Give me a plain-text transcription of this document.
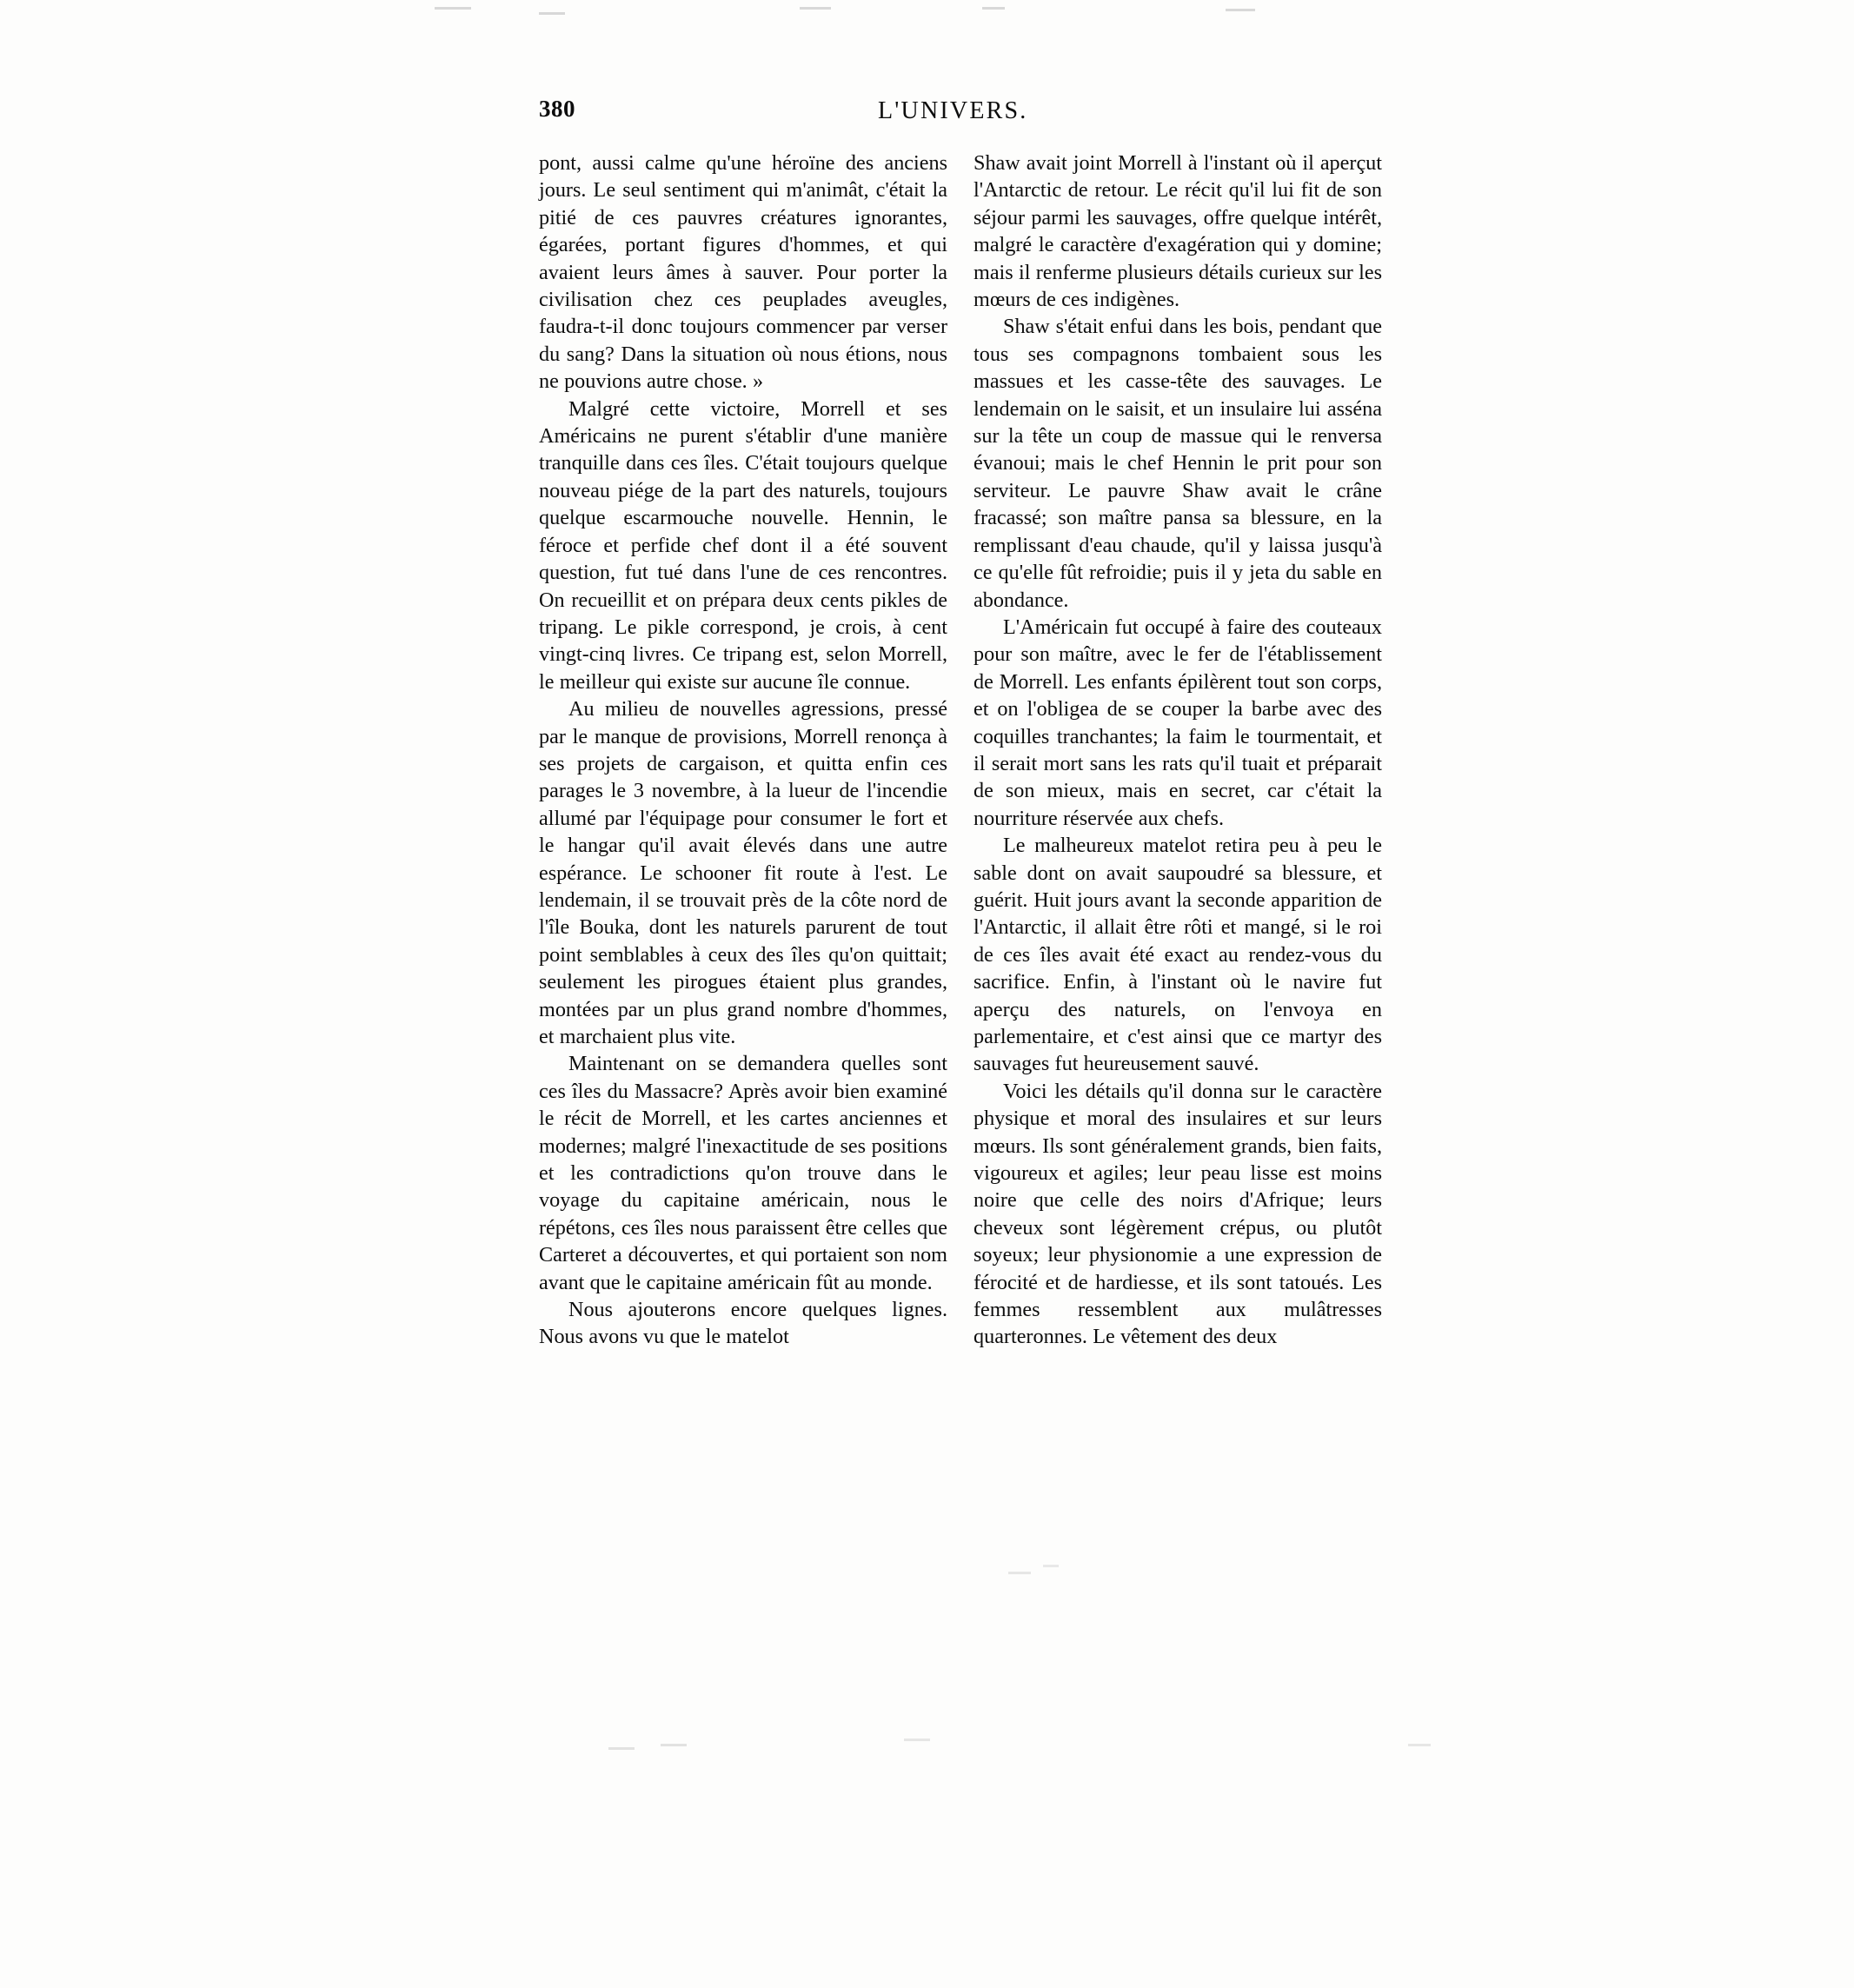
380	L'UNIVERS.

pont, aussi calme qu'une héroïne des anciens jours. Le seul sentiment qui m'animât, c'était la pitié de ces pauvres créatures ignorantes, égarées, portant figures d'hommes, et qui avaient leurs âmes à sauver. Pour porter la civilisation chez ces peuplades aveugles, faudra-t-il donc toujours commencer par verser du sang? Dans la situation où nous étions, nous ne pouvions autre chose. »

Malgré cette victoire, Morrell et ses Américains ne purent s'établir d'une manière tranquille dans ces îles. C'était toujours quelque nouveau piége de la part des naturels, toujours quelque escarmouche nouvelle. Hennin, le féroce et perfide chef dont il a été souvent question, fut tué dans l'une de ces rencontres. On recueillit et on prépara deux cents pikles de tripang. Le pikle correspond, je crois, à cent vingt-cinq livres. Ce tripang est, selon Morrell, le meilleur qui existe sur aucune île connue.

Au milieu de nouvelles agressions, pressé par le manque de provisions, Morrell renonça à ses projets de cargaison, et quitta enfin ces parages le 3 novembre, à la lueur de l'incendie allumé par l'équipage pour consumer le fort et le hangar qu'il avait élevés dans une autre espérance. Le schooner fit route à l'est. Le lendemain, il se trouvait près de la côte nord de l'île Bouka, dont les naturels parurent de tout point semblables à ceux des îles qu'on quittait; seulement les pirogues étaient plus grandes, montées par un plus grand nombre d'hommes, et marchaient plus vite.

Maintenant on se demandera quelles sont ces îles du Massacre? Après avoir bien examiné le récit de Morrell, et les cartes anciennes et modernes; malgré l'inexactitude de ses positions et les contradictions qu'on trouve dans le voyage du capitaine américain, nous le répétons, ces îles nous paraissent être celles que Carteret a découvertes, et qui portaient son nom avant que le capitaine américain fût au monde.

Nous ajouterons encore quelques lignes. Nous avons vu que le matelot

Shaw avait joint Morrell à l'instant où il aperçut l'Antarctic de retour. Le récit qu'il lui fit de son séjour parmi les sauvages, offre quelque intérêt, malgré le caractère d'exagération qui y domine; mais il renferme plusieurs détails curieux sur les mœurs de ces indigènes.

Shaw s'était enfui dans les bois, pendant que tous ses compagnons tombaient sous les massues et les casse-tête des sauvages. Le lendemain on le saisit, et un insulaire lui asséna sur la tête un coup de massue qui le renversa évanoui; mais le chef Hennin le prit pour son serviteur. Le pauvre Shaw avait le crâne fracassé; son maître pansa sa blessure, en la remplissant d'eau chaude, qu'il y laissa jusqu'à ce qu'elle fût refroidie; puis il y jeta du sable en abondance.

L'Américain fut occupé à faire des couteaux pour son maître, avec le fer de l'établissement de Morrell. Les enfants épilèrent tout son corps, et on l'obligea de se couper la barbe avec des coquilles tranchantes; la faim le tourmentait, et il serait mort sans les rats qu'il tuait et préparait de son mieux, mais en secret, car c'était la nourriture réservée aux chefs.

Le malheureux matelot retira peu à peu le sable dont on avait saupoudré sa blessure, et guérit. Huit jours avant la seconde apparition de l'Antarctic, il allait être rôti et mangé, si le roi de ces îles avait été exact au rendez-vous du sacrifice. Enfin, à l'instant où le navire fut aperçu des naturels, on l'envoya en parlementaire, et c'est ainsi que ce martyr des sauvages fut heureusement sauvé.

Voici les détails qu'il donna sur le caractère physique et moral des insulaires et sur leurs mœurs. Ils sont généralement grands, bien faits, vigoureux et agiles; leur peau lisse est moins noire que celle des noirs d'Afrique; leurs cheveux sont légèrement crépus, ou plutôt soyeux; leur physionomie a une expression de férocité et de hardiesse, et ils sont tatoués. Les femmes ressemblent aux mulâtresses quarteronnes. Le vêtement des deux
